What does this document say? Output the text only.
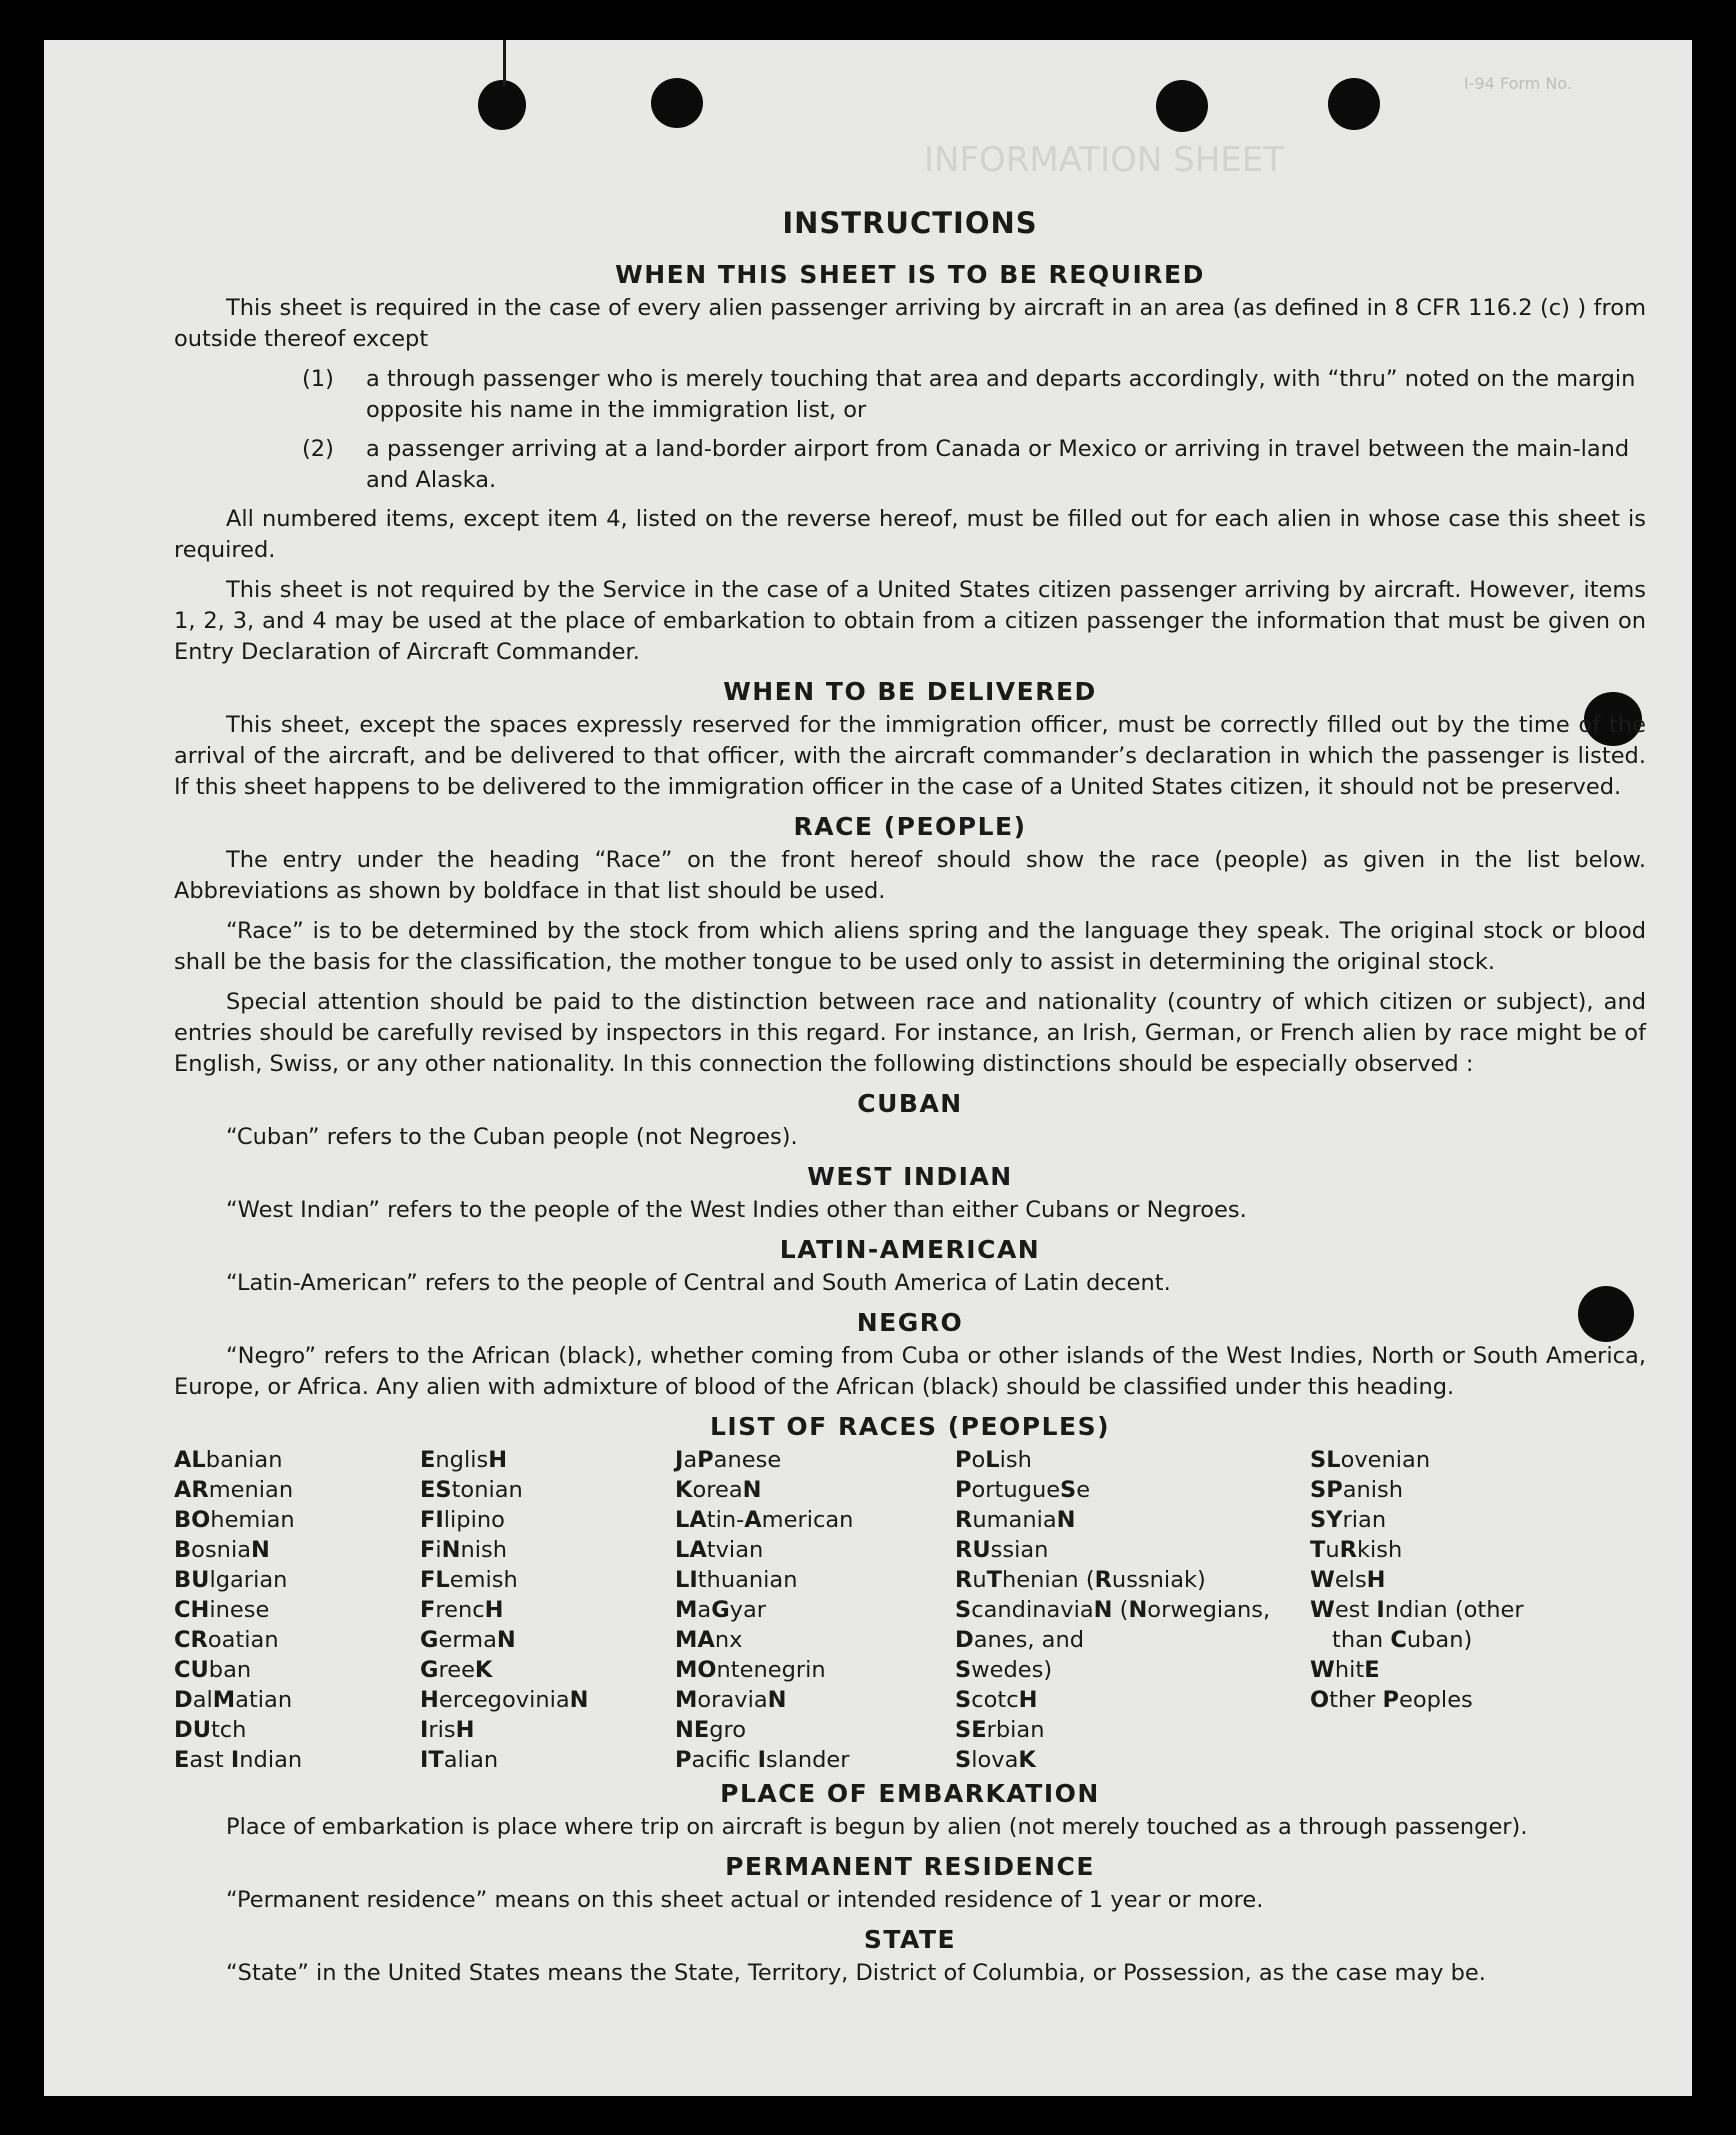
I-94 Form No.
INFORMATION SHEET
INSTRUCTIONS
WHEN THIS SHEET IS TO BE REQUIRED

This sheet is required in the case of every alien passenger arriving by aircraft in an area (as defined in 8 CFR 116.2 (c) ) from outside thereof except

(1)	a through passenger who is merely touching that area and departs accordingly, with “thru” noted on the margin opposite his name in the immigration list, or
(2)	a passenger arriving at a land-border airport from Canada or Mexico or arriving in travel between the main-land and Alaska.

All numbered items, except item 4, listed on the reverse hereof, must be filled out for each alien in whose case this sheet is required.

This sheet is not required by the Service in the case of a United States citizen passenger arriving by aircraft. However, items 1, 2, 3, and 4 may be used at the place of embarkation to obtain from a citizen passenger the information that must be given on Entry Declaration of Aircraft Commander.

WHEN TO BE DELIVERED

This sheet, except the spaces expressly reserved for the immigration officer, must be correctly filled out by the time of the arrival of the aircraft, and be delivered to that officer, with the aircraft commander’s declaration in which the passenger is listed. If this sheet happens to be delivered to the immigration officer in the case of a United States citizen, it should not be preserved.

RACE (PEOPLE)

The entry under the heading “Race” on the front hereof should show the race (people) as given in the list below. Abbreviations as shown by boldface in that list should be used.

“Race” is to be determined by the stock from which aliens spring and the language they speak. The original stock or blood shall be the basis for the classification, the mother tongue to be used only to assist in determining the original stock.

Special attention should be paid to the distinction between race and nationality (country of which citizen or subject), and entries should be carefully revised by inspectors in this regard. For instance, an Irish, German, or French alien by race might be of English, Swiss, or any other nationality. In this connection the following distinctions should be especially observed :

CUBAN

“Cuban” refers to the Cuban people (not Negroes).

WEST INDIAN

“West Indian” refers to the people of the West Indies other than either Cubans or Negroes.

LATIN-AMERICAN

“Latin-American” refers to the people of Central and South America of Latin decent.

NEGRO

“Negro” refers to the African (black), whether coming from Cuba or other islands of the West Indies, North or South America, Europe, or Africa. Any alien with admixture of blood of the African (black) should be classified under this heading.

LIST OF RACES (PEOPLES)
ALbanian
ARmenian
BOhemian
BosniaN
BUlgarian
CHinese
CRoatian
CUban
DalMatian
DUtch
East Indian
EnglisH
EStonian
FIlipino
FiNnish
FLemish
FrencH
GermaN
GreeK
HercegoviniaN
IrisH
ITalian
JaPanese
KoreaN
LAtin-American
LAtvian
LIthuanian
MaGyar
MAnx
MOntenegrin
MoraviaN
NEgro
Pacifc Islander
PoLish
PortugueSe
RumaniaN
RUssian
RuThenian (Russniak)
ScandinaviaN (Norwegians,
Danes, and
Swedes)
ScotcH
SErbian
SlovaK
SLovenian
SPanish
SYrian
TuRkish
WelsH
West Indian (other
than Cuban)
WhitE
Other Peoples
PLACE OF EMBARKATION

Place of embarkation is place where trip on aircraft is begun by alien (not merely touched as a through passenger).

PERMANENT RESIDENCE

“Permanent residence” means on this sheet actual or intended residence of 1 year or more.

STATE

“State” in the United States means the State, Territory, District of Columbia, or Possession, as the case may be.
